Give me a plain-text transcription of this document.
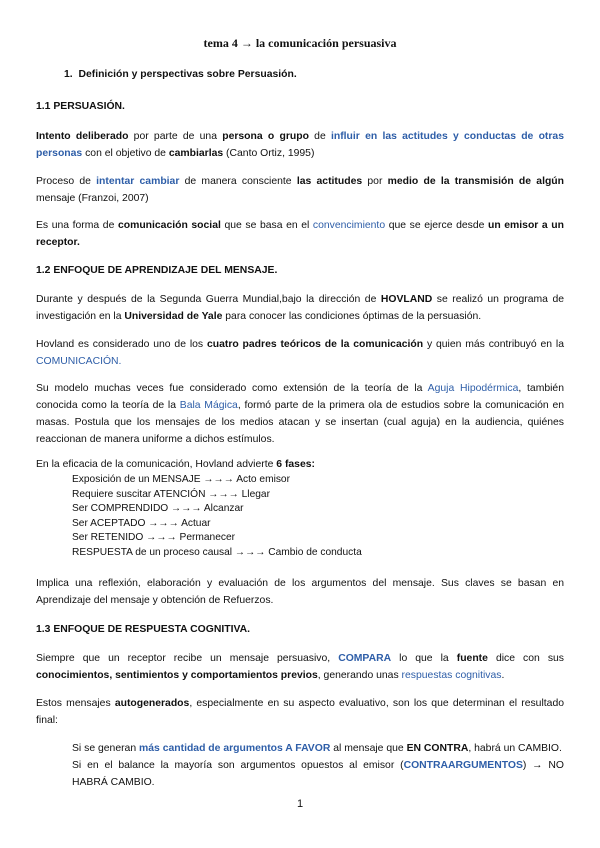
tema 4 → la comunicación persuasiva
1. Definición y perspectivas sobre Persuasión.
1.1 PERSUASIÓN.
Intento deliberado por parte de una persona o grupo de influir en las actitudes y conductas de otras personas con el objetivo de cambiarlas (Canto Ortiz, 1995)
Proceso de intentar cambiar de manera consciente las actitudes por medio de la transmisión de algún mensaje (Franzoi, 2007)
Es una forma de comunicación social que se basa en el convencimiento que se ejerce desde un emisor a un receptor.
1.2 ENFOQUE DE APRENDIZAJE DEL MENSAJE.
Durante y después de la Segunda Guerra Mundial,bajo la dirección de HOVLAND se realizó un programa de investigación en la Universidad de Yale para conocer las condiciones óptimas de la persuasión.
Hovland es considerado uno de los cuatro padres teóricos de la comunicación y quien más contribuyó en la COMUNICACIÓN.
Su modelo muchas veces fue considerado como extensión de la teoría de la Aguja Hipodérmica, también conocida como la teoría de la Bala Mágica, formó parte de la primera ola de estudios sobre la comunicación en masas. Postula que los mensajes de los medios atacan y se insertan (cual aguja) en la audiencia, quiénes reaccionan de manera uniforme a dichos estímulos.
En la eficacia de la comunicación, Hovland advierte 6 fases:
Exposición de un MENSAJE →→→ Acto emisor
Requiere suscitar ATENCIÓN →→→ Llegar
Ser COMPRENDIDO →→→ Alcanzar
Ser ACEPTADO →→→ Actuar
Ser RETENIDO →→→ Permanecer
RESPUESTA de un proceso causal →→→ Cambio de conducta
Implica una reflexión, elaboración y evaluación de los argumentos del mensaje. Sus claves se basan en Aprendizaje del mensaje y obtención de Refuerzos.
1.3 ENFOQUE DE RESPUESTA COGNITIVA.
Siempre que un receptor recibe un mensaje persuasivo, COMPARA lo que la fuente dice con sus conocimientos, sentimientos y comportamientos previos, generando unas respuestas cognitivas.
Estos mensajes autogenerados, especialmente en su aspecto evaluativo, son los que determinan el resultado final:
Si se generan más cantidad de argumentos A FAVOR al mensaje que EN CONTRA, habrá un CAMBIO.
Si en el balance la mayoría son argumentos opuestos al emisor (CONTRAARGUMENTOS) → NO HABRÁ CAMBIO.
1
